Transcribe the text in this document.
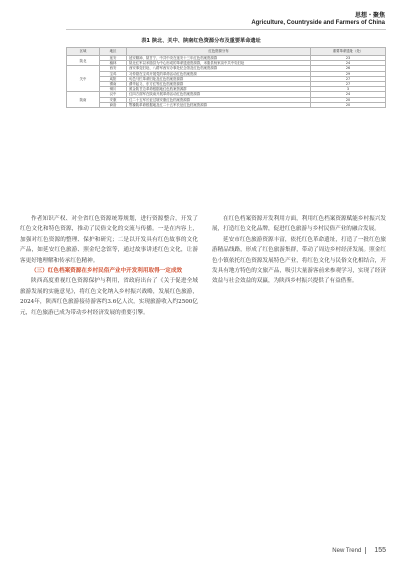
思想・聚焦
Agriculture, Countryside and Farmers of China
表1 陕北、关中、陕南红色资源分布及重要革命遗址
区域	地区	红色资源分布	重要革命遗址（处）
陕北	延安	延安精神、陕甘宁、中共中央在延安十三年红色档案资源群	23
	榆林	陕北红军以米脂县为中心形成的革命遗迹资源群，米脂县杨家沟中共中央旧址	24
关中	西安	西安事变旧址、八路军西安办事处纪念馆及红色档案资源群	26
	宝鸡	习仲勋在宝鸡开展党的革命活动红色档案资源	29
	咸阳	旬邑马栏革命旧址及红色档案资源群	27
	渭南	渭华起义、东方红等红色档案资源群	27
	铜川	照金陕甘边革命根据地红色档案资源群	3
陕南	汉中	红四方面军在陕南开展革命活动红色档案资源群	24
	安康	红二十五军长征过境安康红色档案资源群	20
	商洛	鄂豫陕革命根据地及红二十五军长征红色档案资源群	20

作者知识产权、对全省红色资源统筹规划，进行资源整合，开发了红色文化和特色资源，推动了民俗文化的交流与传播。一是在内容上，加强对红色资源的整理、保护和研究；二是以开发具有红色故事的文化产品，如延安红色旅游、照金纪念馆等，通过故事讲述红色文化，让游客更好地理解和传承红色精神。

（三）红色档案资源在乡村民俗产业中开发利用取得一定成效

陕西高度重视红色资源保护与利用，省政府出台了《关于促进全域旅游发展的实施意见》，将红色文化纳入乡村振兴战略，发展红色旅游，2024年，陕西红色旅游接待游客约3.6亿人次，实现旅游收入约2500亿元，红色旅游已成为带动乡村经济发展的重要引擎。

在红色档案资源开发利用方面，利用红色档案资源赋能乡村振兴发展，打造红色文化品牌，促进红色旅游与乡村民俗产业的融合发展。

延安市红色旅游资源丰富，依托红色革命遗址，打造了一批红色旅游精品线路，形成了红色旅游集群，带动了周边乡村经济发展。照金红色小镇依托红色资源发展特色产业，将红色文化与民俗文化相结合，开发具有地方特色的文旅产品，吸引大量游客前来参观学习，实现了经济效益与社会效益的双赢，为陕西乡村振兴提供了有益借鉴。

New Trend 155
